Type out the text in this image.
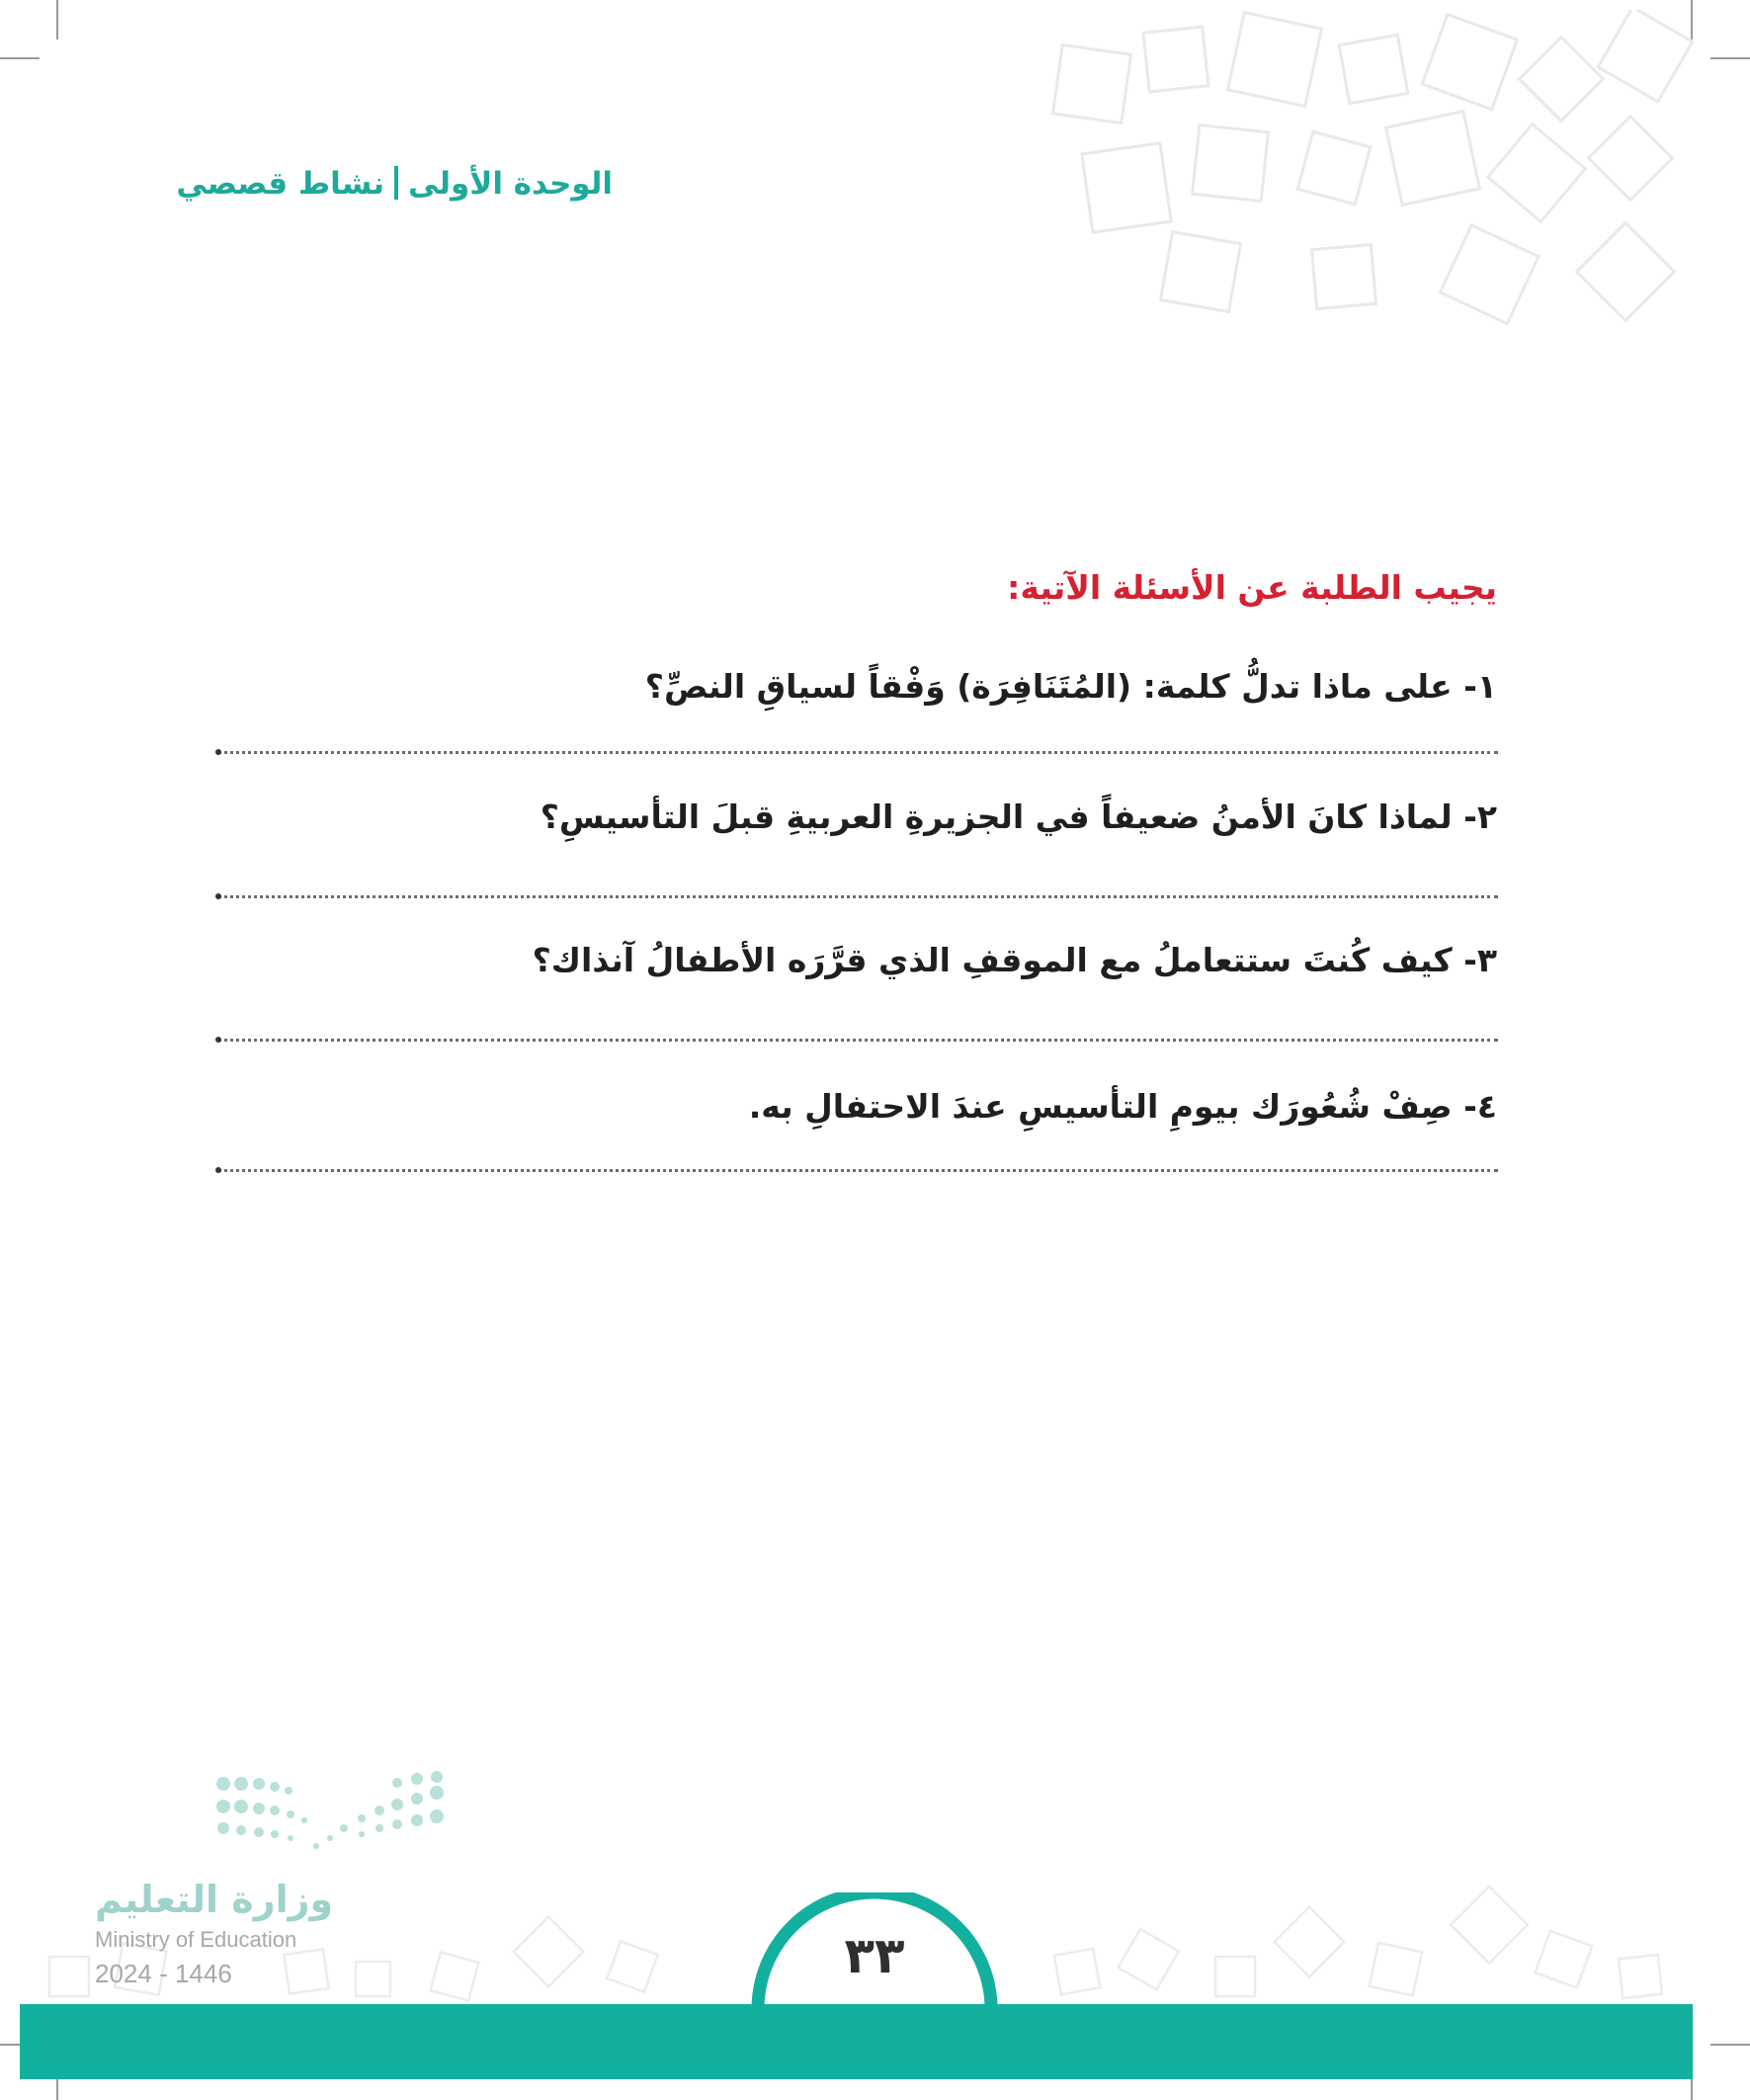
الوحدة الأولىنشاط قصصي
يجيب الطلبة عن الأسئلة الآتية:
١- على ماذا تدلُّ كلمة: (المُتَنَافِرَة) وَفْقاً لسياقِ النصِّ؟
٢- لماذا كانَ الأمنُ ضعيفاً في الجزيرةِ العربيةِ قبلَ التأسيسِ؟
٣- كيف كُنتَ ستتعاملُ مع الموقفِ الذي قرَّرَه الأطفالُ آنذاك؟
٤- صِفْ شُعُورَك بيومِ التأسيسِ عندَ الاحتفالِ به.
وزارة التعليم
Ministry of Education
2024 - 1446	٣٣
